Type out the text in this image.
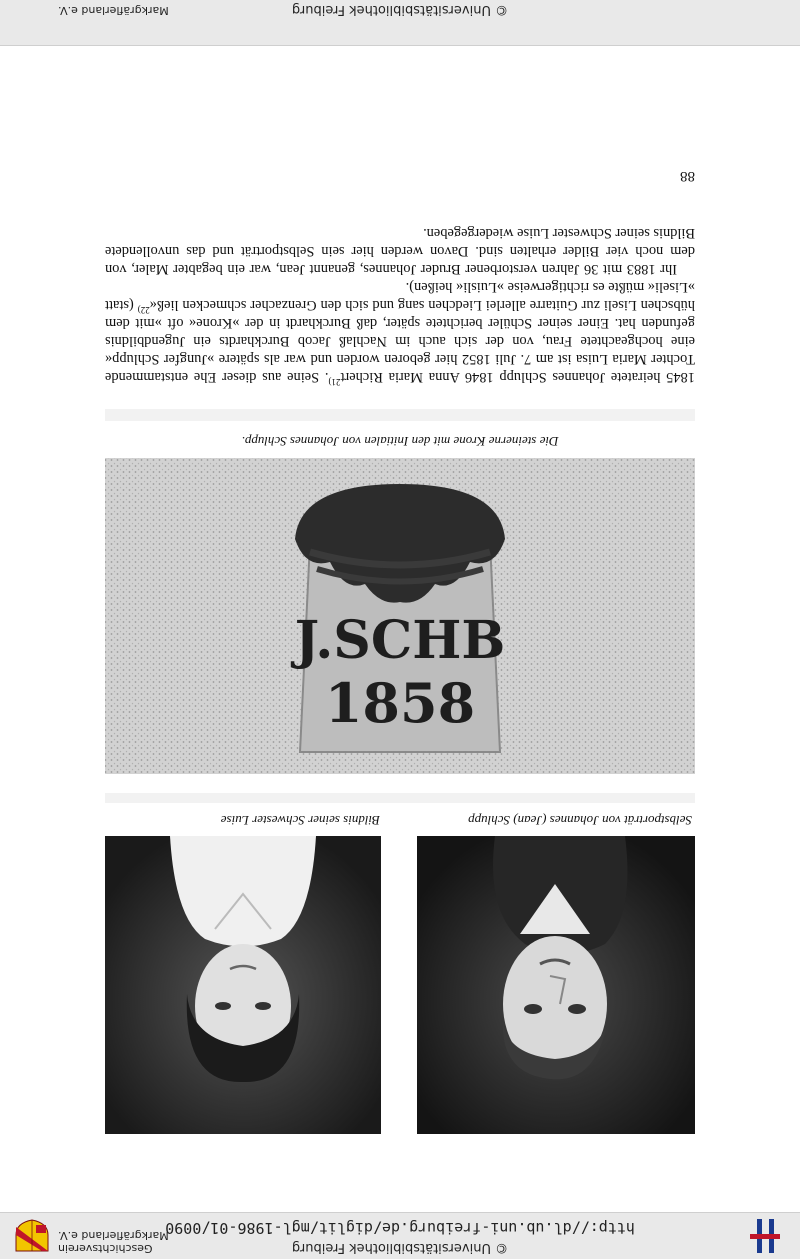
© Universitätsbibliothek Freiburg
http://dl.ub.uni-freiburg.de/diglit/mgl-1986-01/0090
Geschichtsverein
Markgräflerland e.V.
Selbstporträt von Johannes (Jean) Schlupp
Bildnis seiner Schwester Luise
J.SCHB
1858
Die steinerne Krone mit den Initialen von Johannes Schlupp.

1845 heiratete Johannes Schlupp 1846 Anna Maria Richert$^{21)}$. Seine aus dieser Ehe entstammende Tochter Maria Luisa ist am 7. Juli 1852 hier geboren worden und war als spätere »Jungfer Schlupp« eine hochgeachtete Frau, von der sich auch im Nachlaß Jacob Burckhardts ein Jugendbildnis gefunden hat. Einer seiner Schüler berichtete später, daß Burckhardt in der »Krone« oft »mit dem hübschen Liseli zur Guitarre allerlei Liedchen sang und sich den Grenzacher schmecken ließ«$^{22)}$ (statt »Liseli« müßte es richtigerweise »Luisli« heißen).

Ihr 1883 mit 36 Jahren verstorbener Bruder Johannes, genannt Jean, war ein begabter Maler, von dem noch vier Bilder erhalten sind. Davon werden hier sein Selbstporträt und das unvollendete Bildnis seiner Schwester Luise wiedergegeben.

88
© Universitätsbibliothek Freiburg
Markgräflerland e.V.
